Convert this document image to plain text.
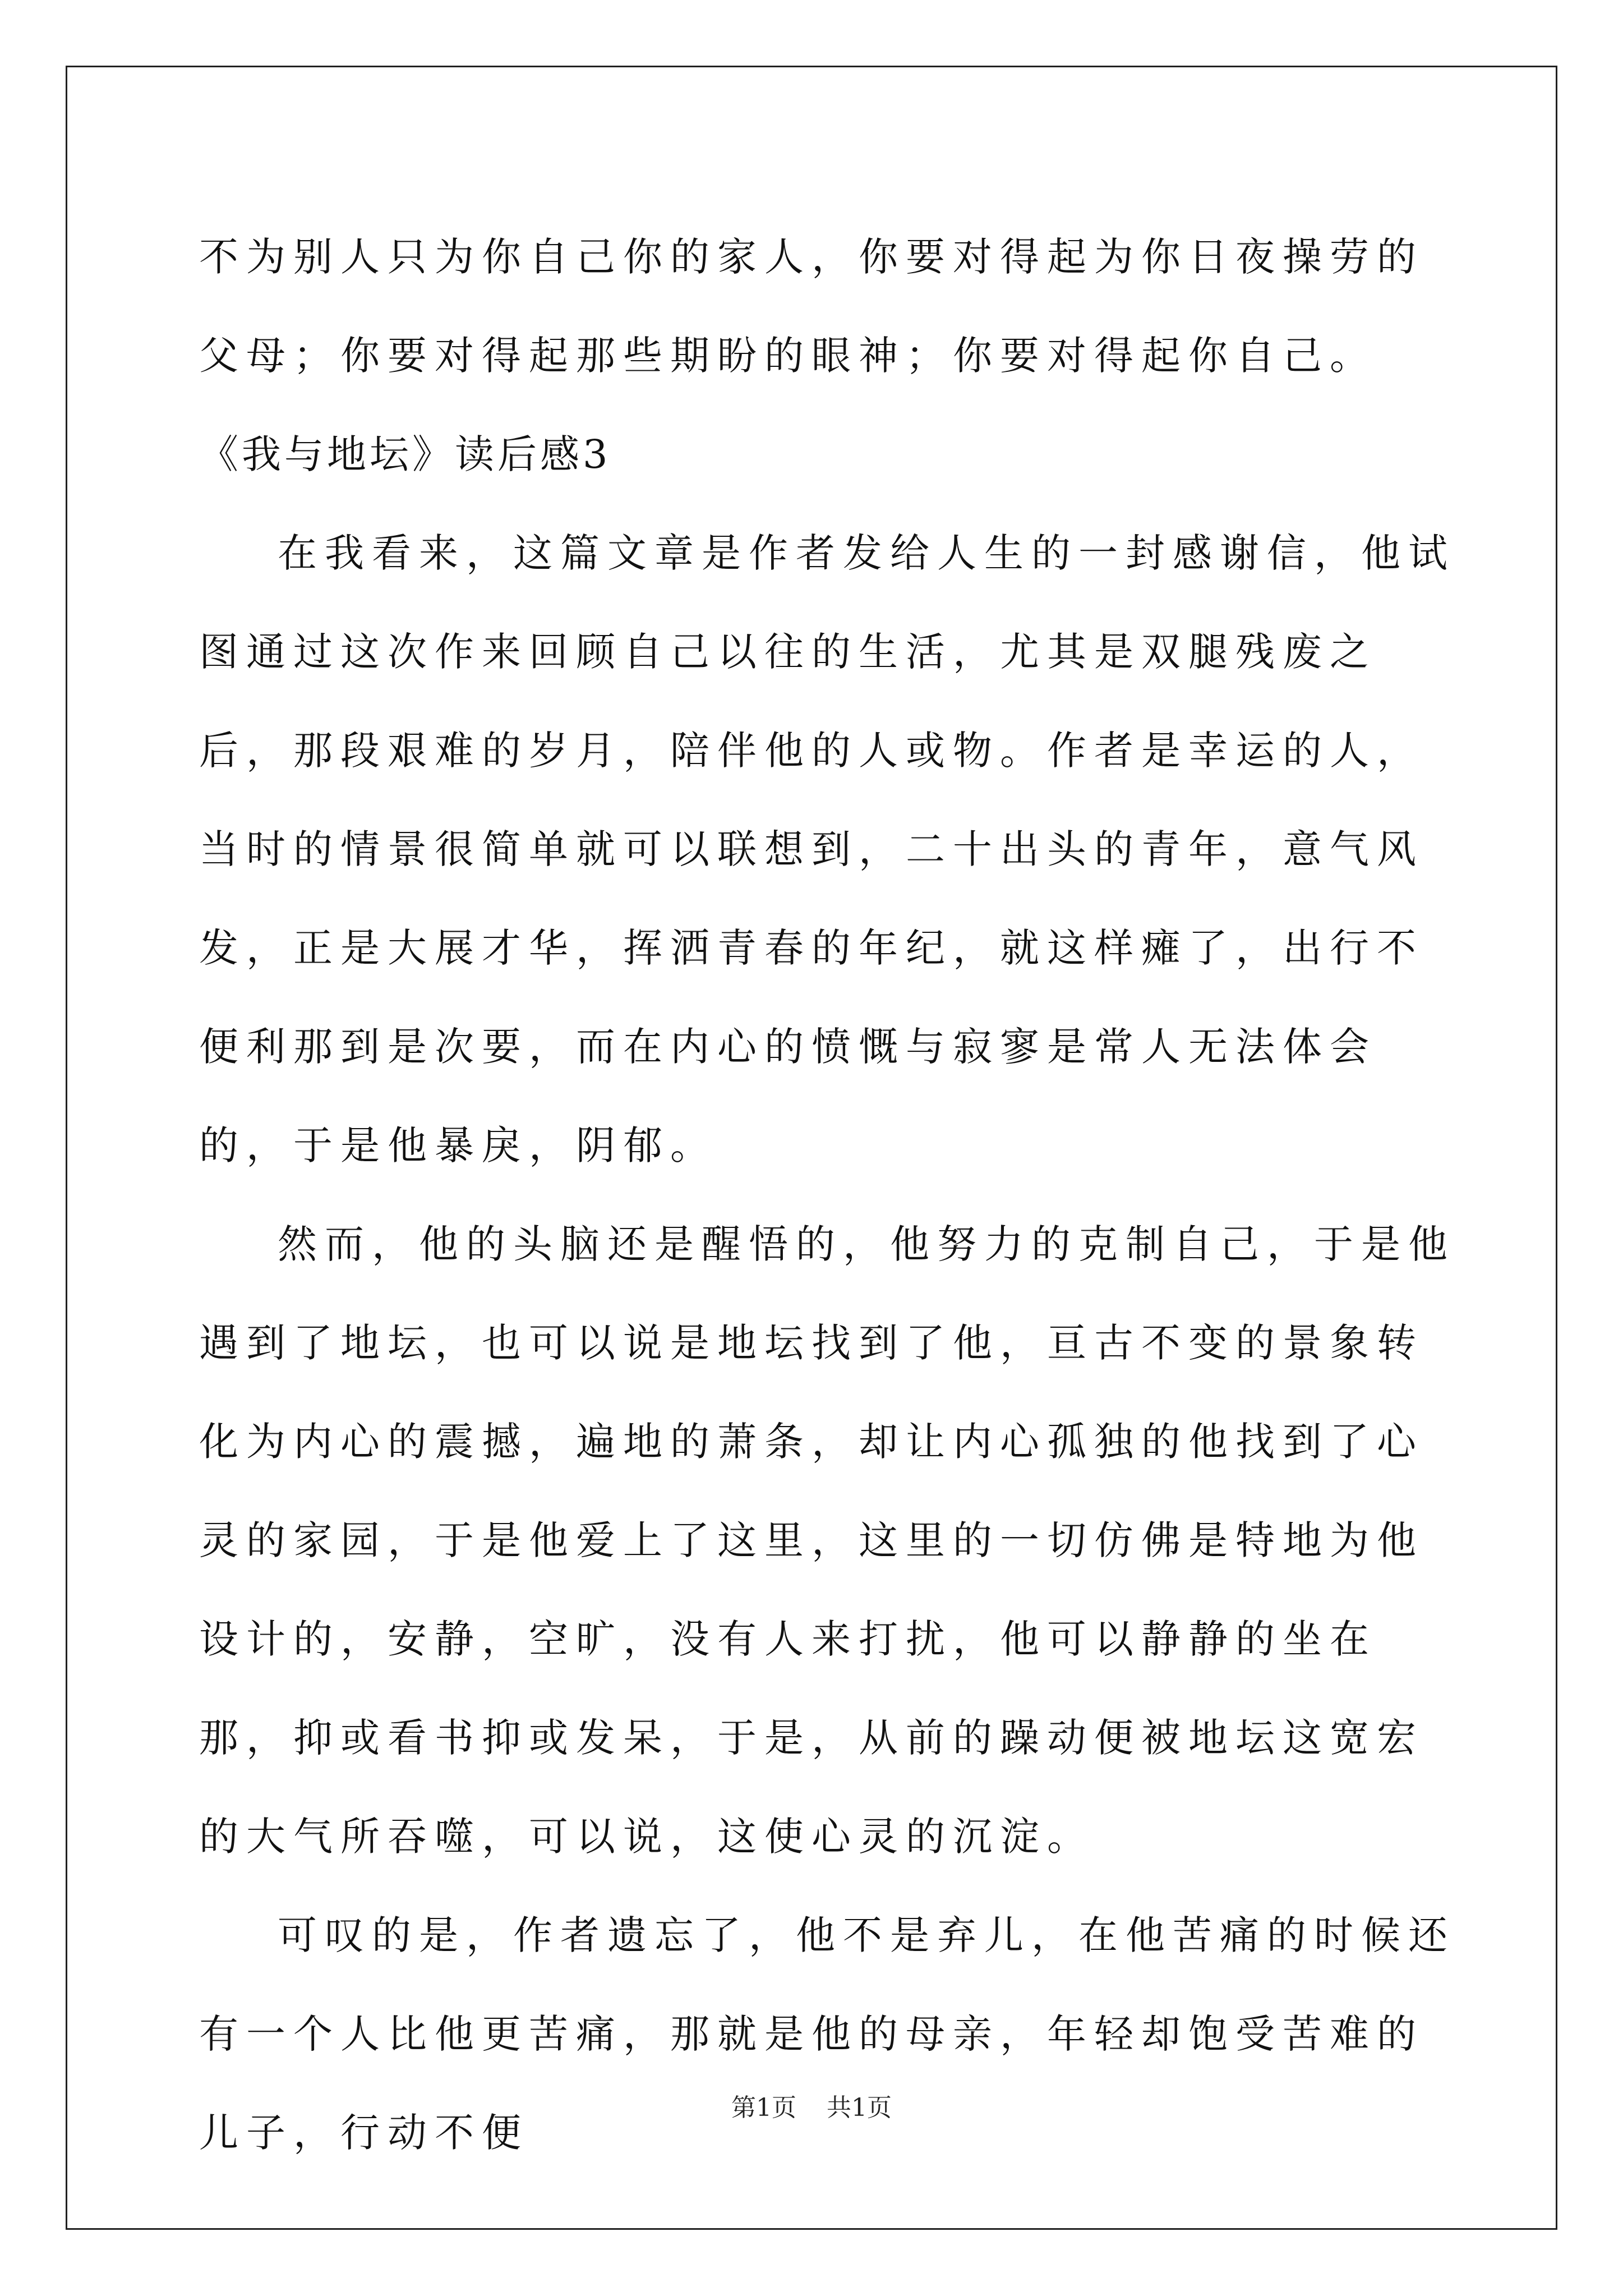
不为别人只为你自己你的家人，你要对得起为你日夜操劳的父母；你要对得起那些期盼的眼神；你要对得起你自己。

《我与地坛》读后感3

在我看来，这篇文章是作者发给人生的一封感谢信，他试图通过这次作来回顾自己以往的生活，尤其是双腿残废之后，那段艰难的岁月，陪伴他的人或物。作者是幸运的人，当时的情景很简单就可以联想到，二十出头的青年，意气风发，正是大展才华，挥洒青春的年纪，就这样瘫了，出行不便利那到是次要，而在内心的愤慨与寂寥是常人无法体会的，于是他暴戾，阴郁。

然而，他的头脑还是醒悟的，他努力的克制自己，于是他遇到了地坛，也可以说是地坛找到了他，亘古不变的景象转化为内心的震撼，遍地的萧条，却让内心孤独的他找到了心灵的家园，于是他爱上了这里，这里的一切仿佛是特地为他设计的，安静，空旷，没有人来打扰，他可以静静的坐在那，抑或看书抑或发呆，于是，从前的躁动便被地坛这宽宏的大气所吞噬，可以说，这使心灵的沉淀。

可叹的是，作者遗忘了，他不是弃儿，在他苦痛的时候还有一个人比他更苦痛，那就是他的母亲，年轻却饱受苦难的儿子，行动不便

第1页 共1页
